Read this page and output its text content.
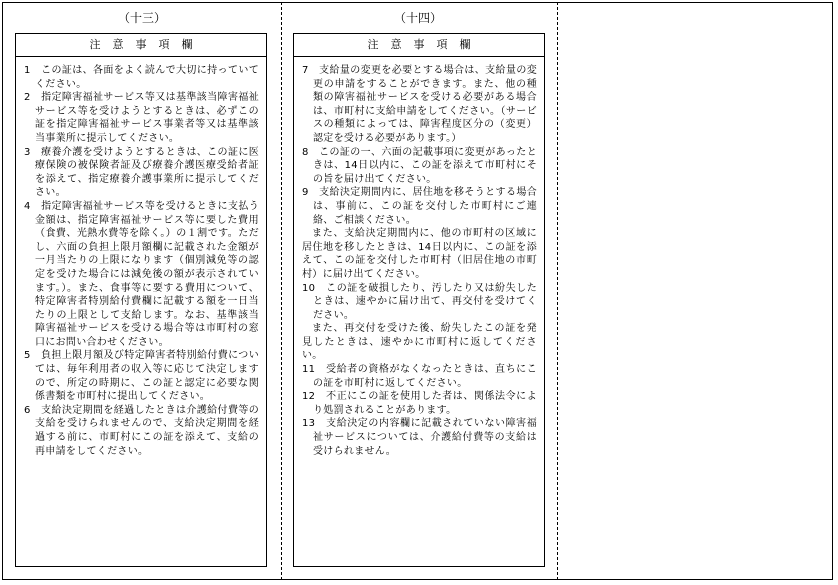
（十三）
注意事項欄

1　この証は、各面をよく読んで大切に持っていてください。

2　指定障害福祉サービス等又は基準該当障害福祉サービス等を受けようとするときは、必ずこの証を指定障害福祉サービス事業者等又は基準該当事業所に提示してください。

3　療養介護を受けようとするときは、この証に医療保険の被保険者証及び療養介護医療受給者証を添えて、指定療養介護事業所に提示してください。

4　指定障害福祉サービス等を受けるときに支払う金額は、指定障害福祉サービス等に要した費用（食費、光熱水費等を除く。）の１割です。ただし、六面の負担上限月額欄に記載された金額が一月当たりの上限になります（個別減免等の認定を受けた場合には減免後の額が表示されています。）。また、食事等に要する費用について、特定障害者特別給付費欄に記載する額を一日当たりの上限として支給します。なお、基準該当障害福祉サービスを受ける場合等は市町村の窓口にお問い合わせください。

5　負担上限月額及び特定障害者特別給付費については、毎年利用者の収入等に応じて決定しますので、所定の時期に、この証と認定に必要な関係書類を市町村に提出してください。

6　支給決定期間を経過したときは介護給付費等の支給を受けられませんので、支給決定期間を経過する前に、市町村にこの証を添えて、支給の再申請をしてください。

（十四）
注意事項欄

7　支給量の変更を必要とする場合は、支給量の変更の申請をすることができます。また、他の種類の障害福祉サービスを受ける必要がある場合は、市町村に支給申請をしてください。（サービスの種類によっては、障害程度区分の（変更）認定を受ける必要があります。）

8　この証の一、六面の記載事項に変更があったときは、14日以内に、この証を添えて市町村にその旨を届け出てください。

9　支給決定期間内に、居住地を移そうとする場合は、事前に、この証を交付した市町村にご連絡、ご相談ください。

また、支給決定期間内に、他の市町村の区域に居住地を移したときは、14日以内に、この証を添えて、この証を交付した市町村（旧居住地の市町村）に届け出てください。

10　この証を破損したり、汚したり又は紛失したときは、速やかに届け出て、再交付を受けてください。

また、再交付を受けた後、紛失したこの証を発見したときは、速やかに市町村に返してください。

11　受給者の資格がなくなったときは、直ちにこの証を市町村に返してください。

12　不正にこの証を使用した者は、関係法令により処罰されることがあります。

13　支給決定の内容欄に記載されていない障害福祉サービスについては、介護給付費等の支給は受けられません。
